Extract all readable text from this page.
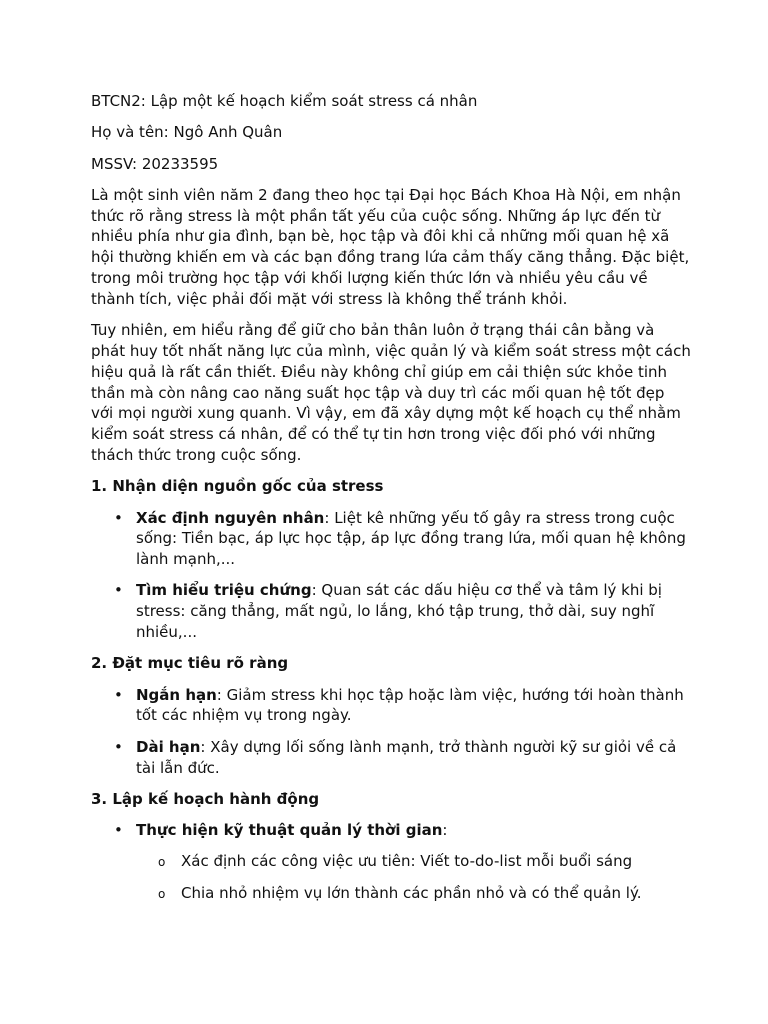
BTCN2: Lập một kế hoạch kiểm soát stress cá nhân

Họ và tên: Ngô Anh Quân

MSSV: 20233595

Là một sinh viên năm 2 đang theo học tại Đại học Bách Khoa Hà Nội, em nhận thức rõ rằng stress là một phần tất yếu của cuộc sống. Những áp lực đến từ nhiều phía như gia đình, bạn bè, học tập và đôi khi cả những mối quan hệ xã hội thường khiến em và các bạn đồng trang lứa cảm thấy căng thẳng. Đặc biệt, trong môi trường học tập với khối lượng kiến thức lớn và nhiều yêu cầu về thành tích, việc phải đối mặt với stress là không thể tránh khỏi.

Tuy nhiên, em hiểu rằng để giữ cho bản thân luôn ở trạng thái cân bằng và phát huy tốt nhất năng lực của mình, việc quản lý và kiểm soát stress một cách hiệu quả là rất cần thiết. Điều này không chỉ giúp em cải thiện sức khỏe tinh thần mà còn nâng cao năng suất học tập và duy trì các mối quan hệ tốt đẹp với mọi người xung quanh. Vì vậy, em đã xây dựng một kế hoạch cụ thể nhằm kiểm soát stress cá nhân, để có thể tự tin hơn trong việc đối phó với những thách thức trong cuộc sống.

1. Nhận diện nguồn gốc của stress

• Xác định nguyên nhân: Liệt kê những yếu tố gây ra stress trong cuộc sống: Tiền bạc, áp lực học tập, áp lực đồng trang lứa, mối quan hệ không lành mạnh,...
• Tìm hiểu triệu chứng: Quan sát các dấu hiệu cơ thể và tâm lý khi bị stress: căng thẳng, mất ngủ, lo lắng, khó tập trung, thở dài, suy nghĩ nhiều,...

2. Đặt mục tiêu rõ ràng

• Ngắn hạn: Giảm stress khi học tập hoặc làm việc, hướng tới hoàn thành tốt các nhiệm vụ trong ngày.
• Dài hạn: Xây dựng lối sống lành mạnh, trở thành người kỹ sư giỏi về cả tài lẫn đức.

3. Lập kế hoạch hành động

• Thực hiện kỹ thuật quản lý thời gian:
o Xác định các công việc ưu tiên: Viết to-do-list mỗi buổi sáng
o Chia nhỏ nhiệm vụ lớn thành các phần nhỏ và có thể quản lý.
